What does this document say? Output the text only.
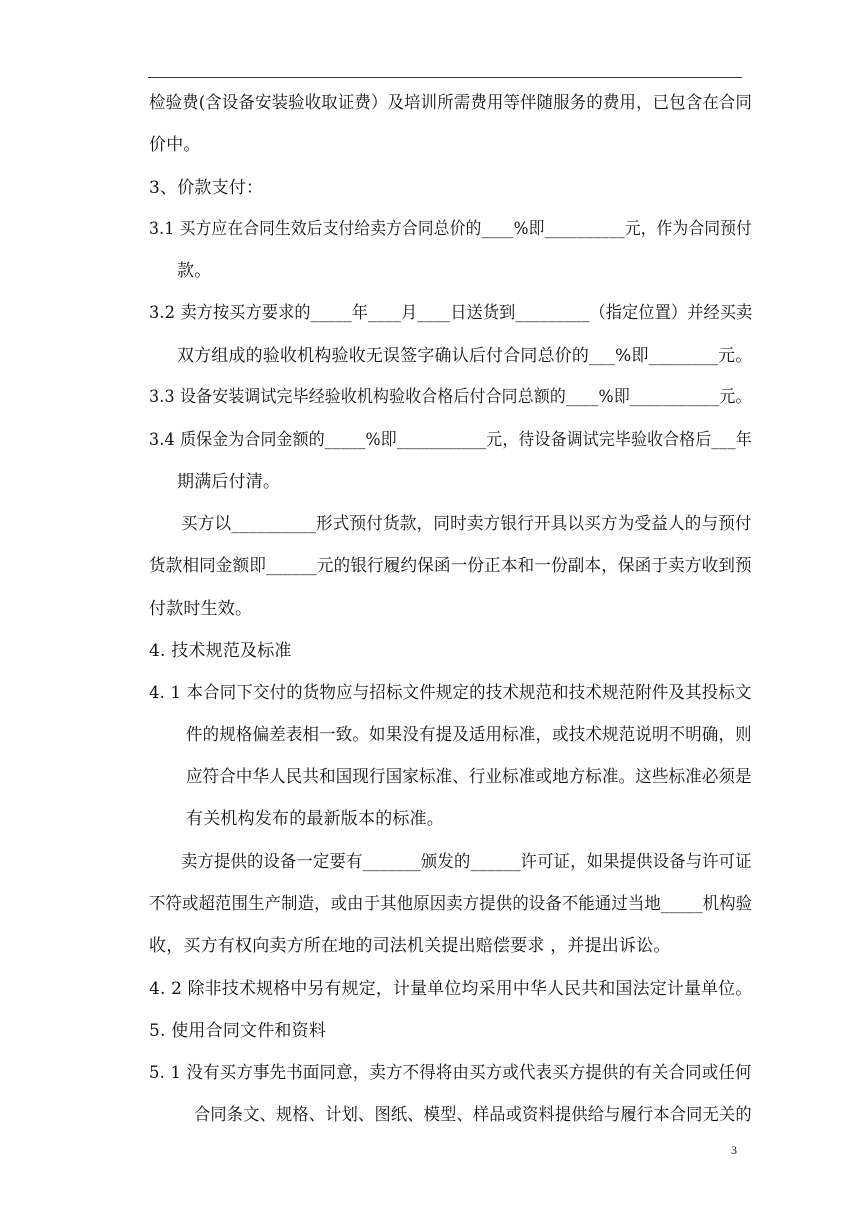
检验费(含设备安装验收取证费）及培训所需费用等伴随服务的费用，已包含在合同
价中。
3、价款支付：
3.1 买方应在合同生效后支付给卖方合同总价的____%即__________元，作为合同预付
款。
3.2 卖方按买方要求的_____年____月____日送货到_________（指定位置）并经买卖
双方组成的验收机构验收无误签字确认后付合同总价的___%即________元。
3.3 设备安装调试完毕经验收机构验收合格后付合同总额的____%即___________元。
3.4 质保金为合同金额的_____%即___________元，待设备调试完毕验收合格后___年
期满后付清。
买方以__________形式预付货款，同时卖方银行开具以买方为受益人的与预付
货款相同金额即______元的银行履约保函一份正本和一份副本，保函于卖方收到预
付款时生效。
4. 技术规范及标准
4. 1 本合同下交付的货物应与招标文件规定的技术规范和技术规范附件及其投标文
件的规格偏差表相一致。如果没有提及适用标准，或技术规范说明不明确，则
应符合中华人民共和国现行国家标准、行业标准或地方标准。这些标准必须是
有关机构发布的最新版本的标准。
卖方提供的设备一定要有_______颁发的______许可证，如果提供设备与许可证
不符或超范围生产制造，或由于其他原因卖方提供的设备不能通过当地_____机构验
收，买方有权向卖方所在地的司法机关提出赔偿要求 ，并提出诉讼。
4. 2 除非技术规格中另有规定，计量单位均采用中华人民共和国法定计量单位。
5. 使用合同文件和资料
5. 1 没有买方事先书面同意，卖方不得将由买方或代表买方提供的有关合同或任何
合同条文、规格、计划、图纸、模型、样品或资料提供给与履行本合同无关的
3
